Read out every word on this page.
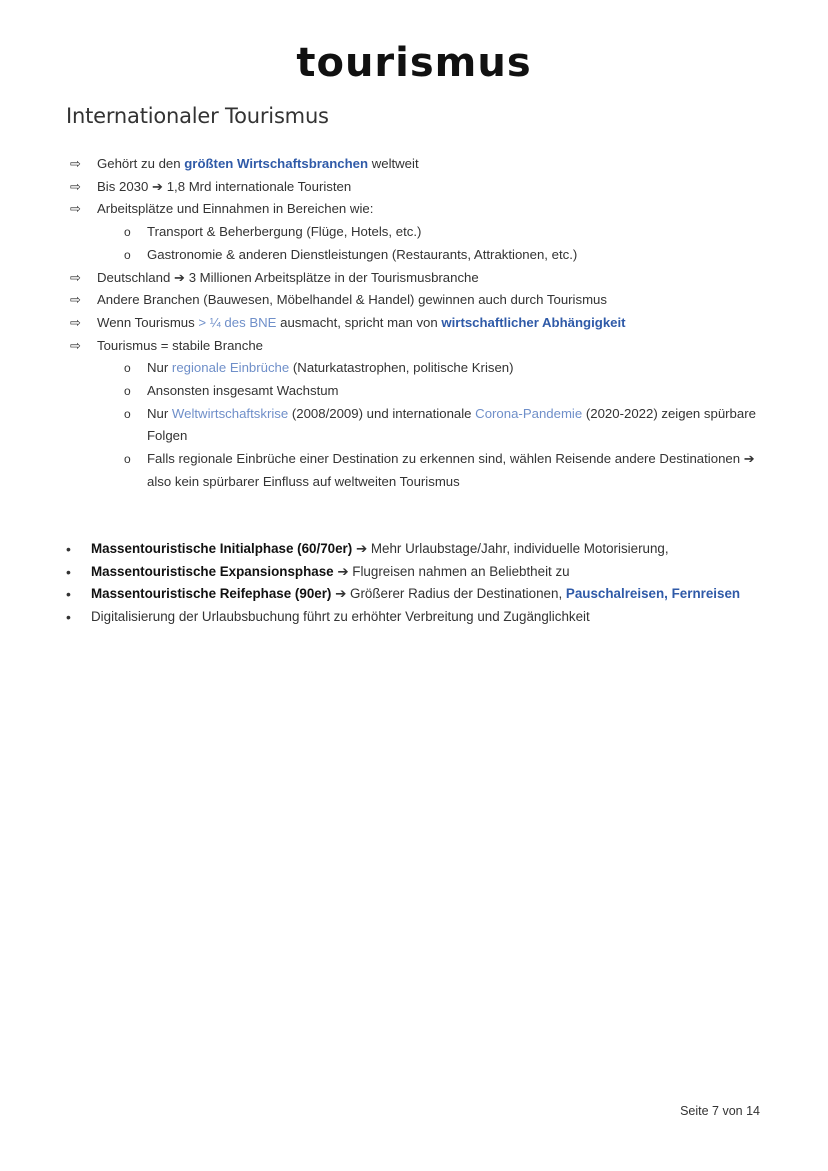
tourismus
Internationaler Tourismus
⇨ Gehört zu den größten Wirtschaftsbranchen weltweit
⇨ Bis 2030 ➔ 1,8 Mrd internationale Touristen
⇨ Arbeitsplätze und Einnahmen in Bereichen wie:
o Transport & Beherbergung (Flüge, Hotels, etc.)
o Gastronomie & anderen Dienstleistungen (Restaurants, Attraktionen, etc.)
⇨ Deutschland ➔ 3 Millionen Arbeitsplätze in der Tourismusbranche
⇨ Andere Branchen (Bauwesen, Möbelhandel & Handel) gewinnen auch durch Tourismus
⇨ Wenn Tourismus > ¼ des BNE ausmacht, spricht man von wirtschaftlicher Abhängigkeit
⇨ Tourismus = stabile Branche
o Nur regionale Einbrüche (Naturkatastrophen, politische Krisen)
o Ansonsten insgesamt Wachstum
o Nur Weltwirtschaftskrise (2008/2009) und internationale Corona-Pandemie (2020-2022) zeigen spürbare Folgen
o Falls regionale Einbrüche einer Destination zu erkennen sind, wählen Reisende andere Destinationen ➔ also kein spürbarer Einfluss auf weltweiten Tourismus
• Massentouristische Initialphase (60/70er) ➔ Mehr Urlaubstage/Jahr, individuelle Motorisierung,
• Massentouristische Expansionsphase ➔ Flugreisen nahmen an Beliebtheit zu
• Massentouristische Reifephase (90er) ➔ Größerer Radius der Destinationen, Pauschalreisen, Fernreisen
• Digitalisierung der Urlaubsbuchung führt zu erhöhter Verbreitung und Zugänglichkeit
Seite 7 von 14
